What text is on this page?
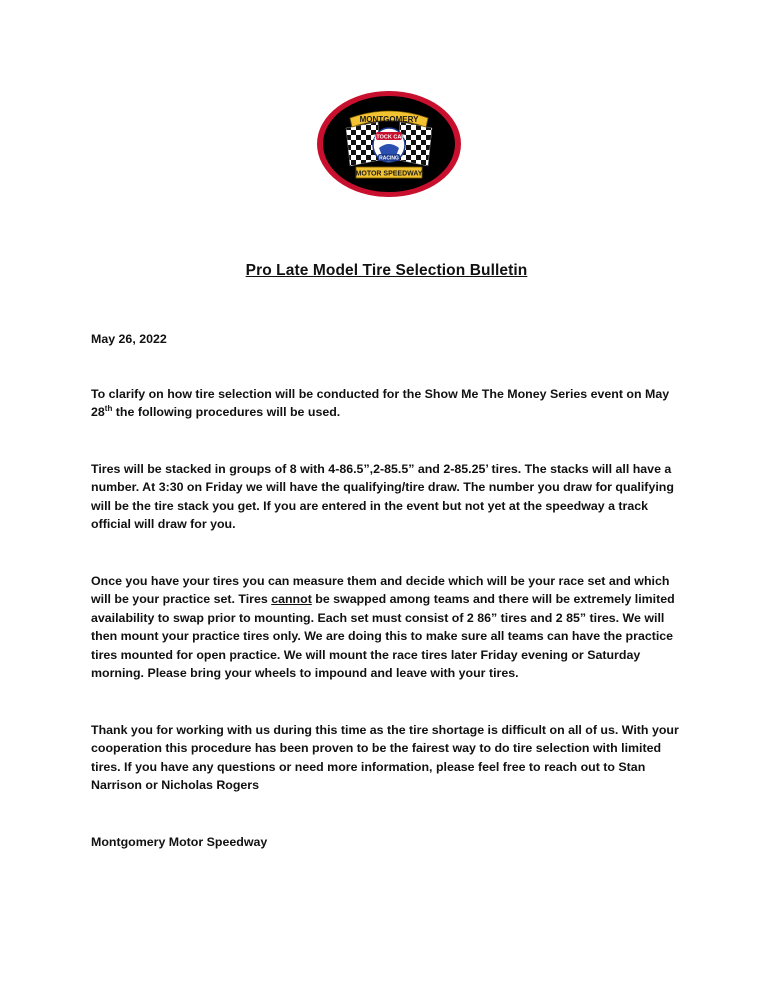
MONTGOMERY
STOCK CAR
RACING
MOTOR SPEEDWAY
Pro Late Model Tire Selection Bulletin
May 26, 2022
To clarify on how tire selection will be conducted for the Show Me The Money Series event on May 28th the following procedures will be used.
Tires will be stacked in groups of 8 with 4-86.5”,2-85.5” and 2-85.25’ tires. The stacks will all have a number. At 3:30 on Friday we will have the qualifying/tire draw. The number you draw for qualifying will be the tire stack you get. If you are entered in the event but not yet at the speedway a track official will draw for you.
Once you have your tires you can measure them and decide which will be your race set and which will be your practice set. Tires cannot be swapped among teams and there will be extremely limited availability to swap prior to mounting. Each set must consist of 2 86” tires and 2 85” tires. We will then mount your practice tires only. We are doing this to make sure all teams can have the practice tires mounted for open practice. We will mount the race tires later Friday evening or Saturday morning. Please bring your wheels to impound and leave with your tires.
Thank you for working with us during this time as the tire shortage is difficult on all of us. With your cooperation this procedure has been proven to be the fairest way to do tire selection with limited tires. If you have any questions or need more information, please feel free to reach out to Stan Narrison or Nicholas Rogers
Montgomery Motor Speedway
